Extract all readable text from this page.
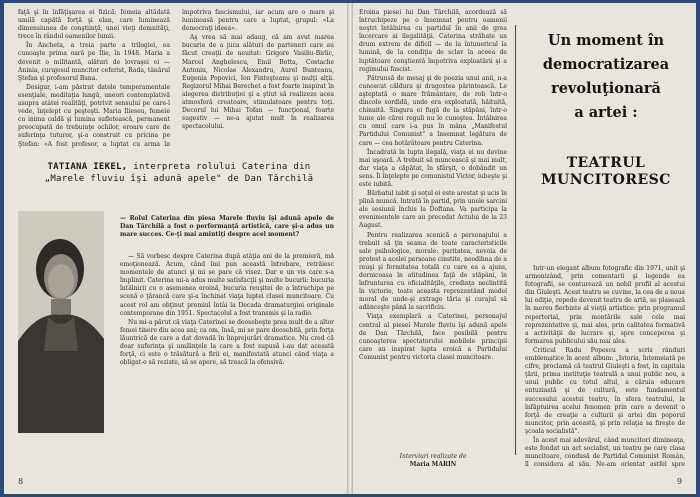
faţă şi în înfăţişarea ei fizică: femeia altădată umilă capătă forţă şi elan, care luminează dimensiunea de conştiinţă, unei vieţi demnităţi, trece în rândul oamenilor lumii.

În Ancheta, a treia parte a trilogiei, ea cunoaşte prima oară pe Ilie, în 1948. Maria a devenit o militantă, alături de lovraşei ei — Aninia, curajosul muncitor ceferist, Rada, tânărul Ştefan şi profesorul Bana.

Desigur, i-am păstrat datele temperamentale esenţiale, meditaţia lungă, uneori contemplativă asupra atâtei realităţi, potrivit sensului pe care-l vede, înţelept cu peşteşti. Maria Ilieseu, femeie cu inima caldă şi lumina sufletească, permanent preocupată de trebuinţe ochilor, eroare care de suferinţa tuturor, şi-a construit cu pricina pe Ştefan: «A fost profesor, a luptat cu arma în

împotriva fascismului, iar acum are o mare şi luminoasă pentru care a luptat, grupul: «La democraţi ideea».

Aş vrea să mai adaug, că am avut marea bucurie de a juca alături de parteneri care au făcut creaţii de neuitat: Grigore Vasiliu-Birlic, Marcel Anghelescu, Emil Botta, Costache Antoniu, Nicolae Alexandru, Aurel Bunteanu, Eugenia Popovici, Ion Finteşteanu şi mulţi alţii. Regizorul Mihai Berechet a fost foarte inspirat în alegerea distribuţiei şi a ştiut să realizeze acea atmosferă creatoare, stimulatoare pentru toţi. Decorul lui Mihai Tofan — funcţional, foarte sugestiv — ne-a ajutat mult în realizarea spectacolului.

TATIANA IEKEL, interpreta rolului Caterina din
„Marele fluviu îşi adună apele" de Dan Tărchilă

— Rolul Caterina din piesa Marele fluviu îşi adună apele de Dan Tărchilă a fost o performanţă artistică, care şi-a adus un mare succes. Ce-ţi mai amintiţi despre acel moment?

— Să vorbesc despre Caterina după atâţia ani de la premieră, mă emoţionează. Acum, când îmi pun această întrebare, retrăiesc momentele de atunci şi mi se pare că visez. Dar e un vis care s-a împlinit. Caterina mi-a adus multe satisfacţii şi multe bucurii: bucuria întâlnirii cu o asemenea eroină, bucuria reuşitei de a întruchipa pe scenă o ţărancă care şi-a închinat viaţa luptei clasei muncitoare. Cu acest rol am obţinut premiul întâi la Decada dramaturgiei originale contemporane din 1951. Spectacolul a fost transmis şi la radio.

Nu mi-a părut că viaţa Caterinei se deosebeşte prea mult de a altor femei tinere din acea ani; ca om, însă, mi se pare deosebită, prin forţa lăuntrică de care a dat dovadă în împrejurări dramatice. Nu cred că doar suferinţa şi umilinţele la care a fost supusă i-au dat această forţă, ci este o trăsătură a firii ei, manifestată atunci când viaţa a obligat-o să reziste, să se apere, să treacă la ofensivă.

8

Eroina piesei lui Dan Tărchilă, acordează să întruchipeze pe o însemnat pentru oamenii noştri întâlnirea cu partidul în anii de grea încercare ai ilegalităţii. Caterina străbate un drum extrem de dificil — de la întunericul la lumină, de la condiţia de sclav la aceea de luptătoare conştientă împotriva exploatării şi a regimului fascist.

Pătrunsă de mesaj şi de poezia unui anii, n-a cunoscut căldura şi dragostea părintească. Le aşteptată o mare frământare, de rob într-o dincolo sordidă, unde era exploatată, hăituită, chinuită. Singura ei fugă de la stăpâni, într-o lume ale cărei reguli nu le cunoştea. Întâlnirea cu omul care i-a pus în mâna „Manifestul Partidului Comunist" a însemnat legătura de care — cea hotărâtoare pentru Caterina.

Încadrată în lupta ilegală, viaţa ei nu devine mai uşoară. A trebuit să muncească şi mai mult, dar viaţa a căpătat, în sfârşit, o dobândit un sens. Îi înţelepte pe comunistul Victor, iubeşte şi este iubită.

Bărbatul iubit şi soţul ei este arestat şi ucis în plină muncă. Intrată în partid, prin unele sarcini ale sesiunii închis la Doftana. Va participa la evenimentele care au precedat Actului de la 23 August.

Pentru realizarea scenică a personajului a trebuit să ţin seama de toate caracteristicile sale psihologice, morale: puritatea, nevoia de protest a acelei persoane cinstite, neodihna de a reuşi şi fermitatea totală cu care ea a ajuns, dornicoasa în atitudinea faţă de stăpâni, în înfruntarea cu oficialităţile, credinţa neclintită în victorie, toate aceasta reprezentând model moral de unde-şi extrage tăria şi curajul să adânceşte până la sacrificiu.

Viaţa exemplară a Caterinei, personajul central al piesei Marele fluviu îşi adună apele de Dan Tărchilă, face posibilă pentru cunoaşterea spectatorului mobilele principii care au inspirat lupta eroică a Partidului Comunist pentru victoria clasei muncitoare.

Interviuri realizate de
Maria MARIN
Un moment în
democratizarea
revoluţionară
a artei :
TEATRUL
MUNCITORESC

Într-un elegant album fotografic din 1971, unit şi armonizând, prin comentarii şi legende ea fotografii, se conturează un nobil profil al acestui din Giuleşti. Acest teatru se cuvine, la cea de a noua lui ediţie, repede devenit teatru de artă, se plasează în mereu fierbinte al vieţii artistice: prin programul repertorial, prin montările sale cele mai reprezentative şi, mai ales, prin calitatea formativă a activităţii de lucrare şi, spre conceperea şi formarea publicului său mai ales.

Criticul Radu Popescu a scris rânduri emblematice în acest album: „Istoria, întemeiată pe cifre, proclamă că teatrul Giuleşti a fost, în capitala ţării, prima instituţie teatrală a unui public nou, a unui public cu totul altul, a căruia educare entuziastă şi de cultură, este fundamentul succesului acestui teatru, în sfera teatrului, la înfăptuirea acelui fenomen prin care a devenit o forţă de creaţie a culturii şi artei din poporul muncitor, prin această, şi prin relaţia sa fireşte de şcoala socialistă".

În acest mai adevărul, când muncitori dimineaţa, este fondat un act socialist, un teatru pe care clasa muncitoare, condusă de Partidul Comunist Român, îl considera al său. Ne-am orientat astfel spre

9
